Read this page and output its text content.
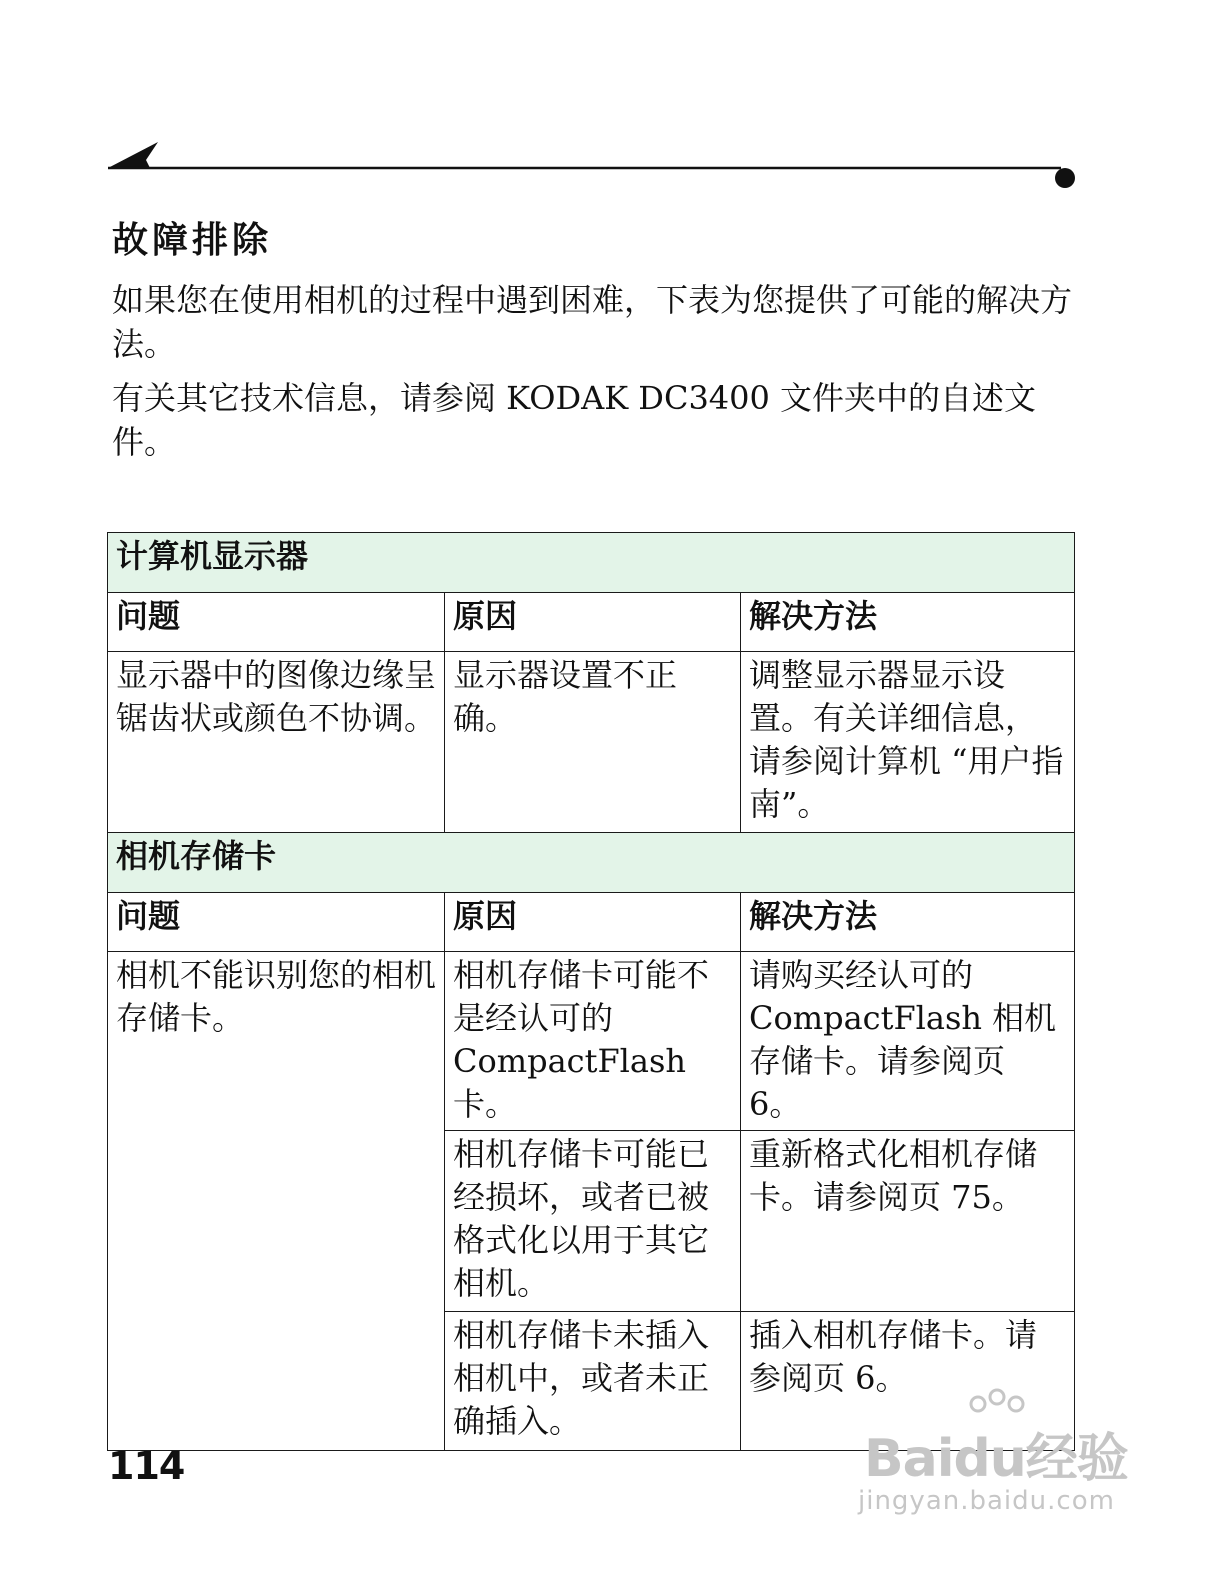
故障排除

如果您在使用相机的过程中遇到困难，下表为您提供了可能的解决方法。

有关其它技术信息，请参阅 KODAK DC3400 文件夹中的自述文件。

计算机显示器		
问题	原因	解决方法
显示器中的图像边缘呈锯齿状或颜色不协调。	显示器设置不正确。	调整显示器显示设置。有关详细信息，请参阅计算机 “用户指南”。
相机存储卡		
问题	原因	解决方法
相机不能识别您的相机存储卡。	相机存储卡可能不是经认可的 CompactFlash 卡。	请购买经认可的 CompactFlash 相机存储卡。请参阅页 6。
	相机存储卡可能已经损坏，或者已被格式化以用于其它相机。	重新格式化相机存储卡。请参阅页 75。
	相机存储卡未插入相机中，或者未正确插入。	插入相机存储卡。请参阅页 6。
114	Baidu经验
jingyan.baidu.com
